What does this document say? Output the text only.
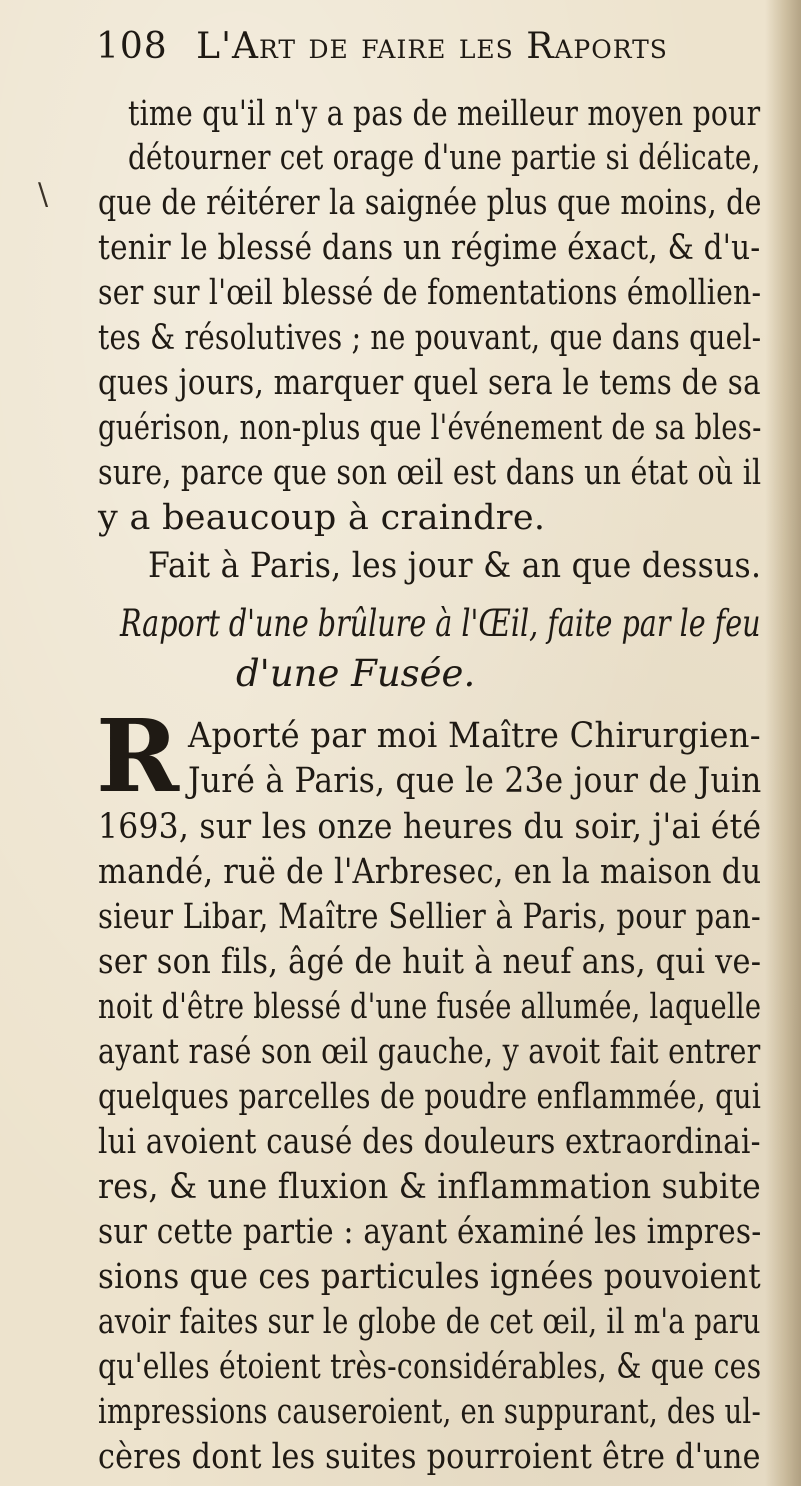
\
108 L'Art de faire les Raports
time qu'il n'y a pas de meilleur moyen pour
détourner cet orage d'une partie si délicate,
que de réitérer la saignée plus que moins, de
tenir le blessé dans un régime éxact, & d'u-
ser sur l'œil blessé de fomentations émollien-
tes & résolutives ; ne pouvant, que dans quel-
ques jours, marquer quel sera le tems de sa
guérison, non-plus que l'événement de sa bles-
sure, parce que son œil est dans un état où il
y a beaucoup à craindre.
Fait à Paris, les jour & an que dessus.
Raport d'une brûlure à l'Œil, faite par le feu
d'une Fusée.
R Aporté par moi Maître Chirurgien-
Juré à Paris, que le 23e jour de Juin
1693, sur les onze heures du soir, j'ai été
mandé, ruë de l'Arbresec, en la maison du
sieur Libar, Maître Sellier à Paris, pour pan-
ser son fils, âgé de huit à neuf ans, qui ve-
noit d'être blessé d'une fusée allumée, laquelle
ayant rasé son œil gauche, y avoit fait entrer
quelques parcelles de poudre enflammée, qui
lui avoient causé des douleurs extraordinai-
res, & une fluxion & inflammation subite
sur cette partie : ayant éxaminé les impres-
sions que ces particules ignées pouvoient
avoir faites sur le globe de cet œil, il m'a paru
qu'elles étoient très-considérables, & que ces
impressions causeroient, en suppurant, des ul-
cères dont les suites pourroient être d'une
